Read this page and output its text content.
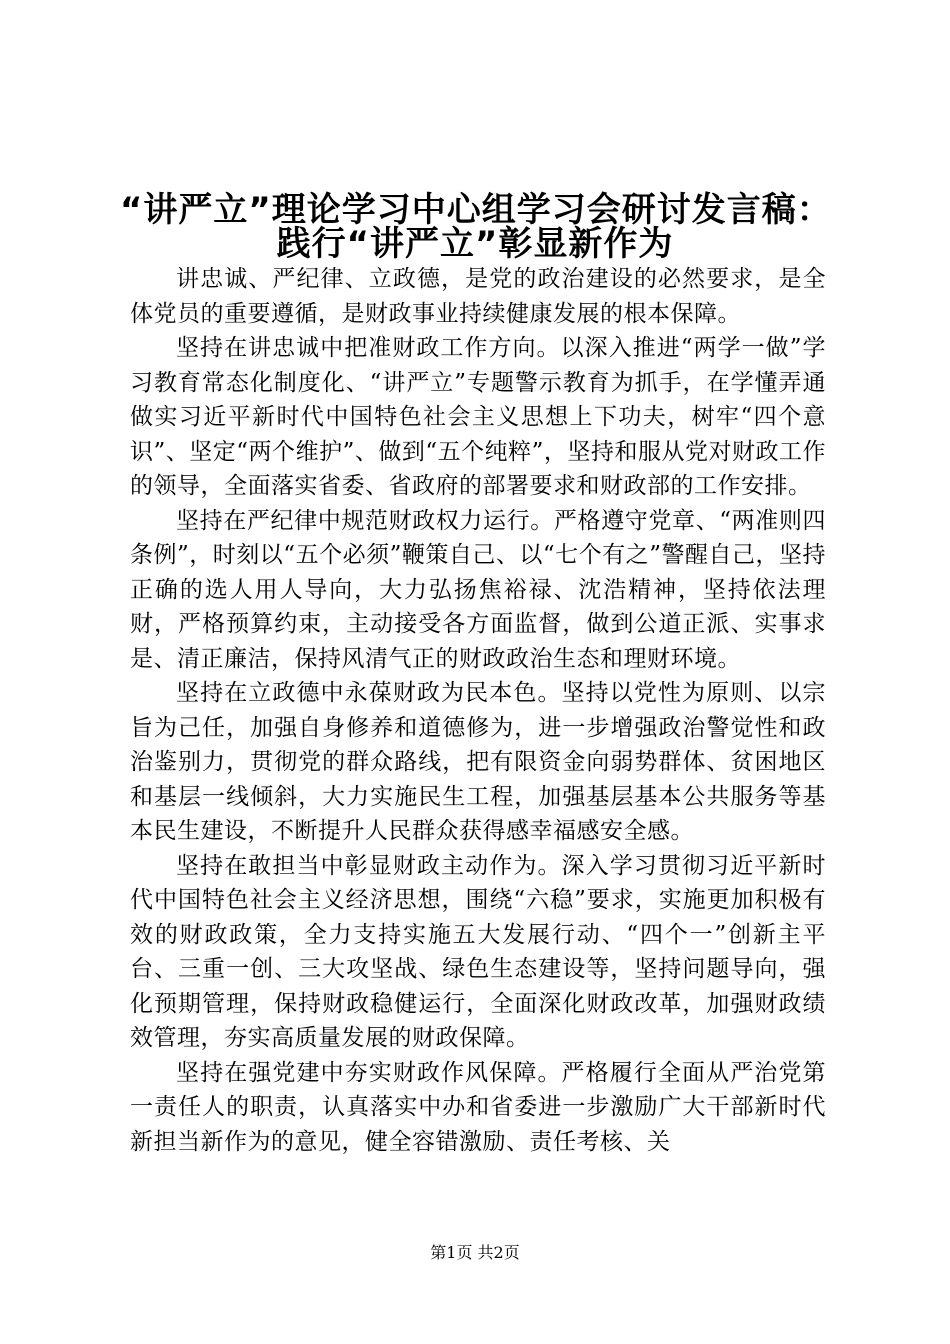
“讲严立”理论学习中心组学习会研讨发言稿：
践行“讲严立”彰显新作为

讲忠诚、严纪律、立政德，是党的政治建设的必然要求，是全体党员的重要遵循，是财政事业持续健康发展的根本保障。

坚持在讲忠诚中把准财政工作方向。以深入推进“两学一做”学习教育常态化制度化、“讲严立”专题警示教育为抓手，在学懂弄通做实习近平新时代中国特色社会主义思想上下功夫，树牢“四个意识”、坚定“两个维护”、做到“五个纯粹”，坚持和服从党对财政工作的领导，全面落实省委、省政府的部署要求和财政部的工作安排。

坚持在严纪律中规范财政权力运行。严格遵守党章、“两准则四条例”，时刻以“五个必须”鞭策自己、以“七个有之”警醒自己，坚持正确的选人用人导向，大力弘扬焦裕禄、沈浩精神，坚持依法理财，严格预算约束，主动接受各方面监督，做到公道正派、实事求是、清正廉洁，保持风清气正的财政政治生态和理财环境。

坚持在立政德中永葆财政为民本色。坚持以党性为原则、以宗旨为己任，加强自身修养和道德修为，进一步增强政治警觉性和政治鉴别力，贯彻党的群众路线，把有限资金向弱势群体、贫困地区和基层一线倾斜，大力实施民生工程，加强基层基本公共服务等基本民生建设，不断提升人民群众获得感幸福感安全感。

坚持在敢担当中彰显财政主动作为。深入学习贯彻习近平新时代中国特色社会主义经济思想，围绕“六稳”要求，实施更加积极有效的财政政策，全力支持实施五大发展行动、“四个一”创新主平台、三重一创、三大攻坚战、绿色生态建设等，坚持问题导向，强化预期管理，保持财政稳健运行，全面深化财政改革，加强财政绩效管理，夯实高质量发展的财政保障。

坚持在强党建中夯实财政作风保障。严格履行全面从严治党第一责任人的职责，认真落实中办和省委进一步激励广大干部新时代新担当新作为的意见，健全容错激励、责任考核、关

第1页 共2页
